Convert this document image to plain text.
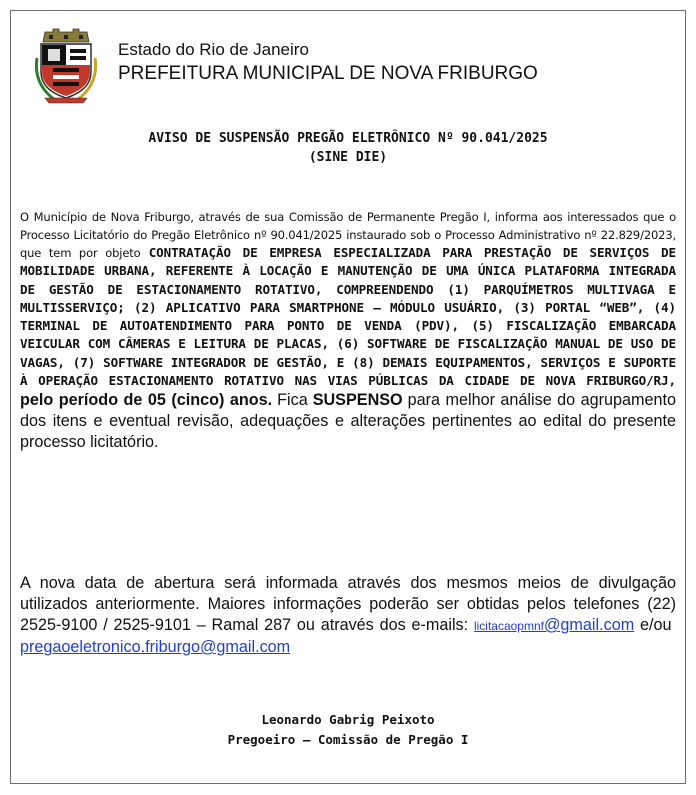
Estado do Rio de Janeiro
PREFEITURA MUNICIPAL DE NOVA FRIBURGO
AVISO DE SUSPENSÃO PREGÃO ELETRÔNICO Nº 90.041/2025
(SINE DIE)
O Município de Nova Friburgo, através de sua Comissão de Permanente Pregão I, informa aos interessados que o Processo Licitatório do Pregão Eletrônico nº 90.041/2025 instaurado sob o Processo Administrativo nº 22.829/2023, que tem por objeto CONTRATAÇÃO DE EMPRESA ESPECIALIZADA PARA PRESTAÇÃO DE SERVIÇOS DE MOBILIDADE URBANA, REFERENTE À LOCAÇÃO E MANUTENÇÃO DE UMA ÚNICA PLATAFORMA INTEGRADA DE GESTÃO DE ESTACIONAMENTO ROTATIVO, COMPREENDENDO (1) PARQUÍMETROS MULTIVAGA E MULTISSERVIÇO; (2) APLICATIVO PARA SMARTPHONE – MÓDULO USUÁRIO, (3) PORTAL “WEB”, (4) TERMINAL DE AUTOATENDIMENTO PARA PONTO DE VENDA (PDV), (5) FISCALIZAÇÃO EMBARCADA VEICULAR COM CÂMERAS E LEITURA DE PLACAS, (6) SOFTWARE DE FISCALIZAÇÃO MANUAL DE USO DE VAGAS, (7) SOFTWARE INTEGRADOR DE GESTÃO, E (8) DEMAIS EQUIPAMENTOS, SERVIÇOS E SUPORTE À OPERAÇÃO ESTACIONAMENTO ROTATIVO NAS VIAS PÚBLICAS DA CIDADE DE NOVA FRIBURGO/RJ, pelo período de 05 (cinco) anos. Fica SUSPENSO para melhor análise do agrupamento dos itens e eventual revisão, adequações e alterações pertinentes ao edital do presente processo licitatório.
A nova data de abertura será informada através dos mesmos meios de divulgação utilizados anteriormente. Maiores informações poderão ser obtidas pelos telefones (22) 2525-9100 / 2525-9101 – Ramal 287 ou através dos e-mails: licitacaopmnf@gmail.com e/ou  pregaoeletronico.friburgo@gmail.com
Leonardo Gabrig Peixoto
Pregoeiro – Comissão de Pregão I
